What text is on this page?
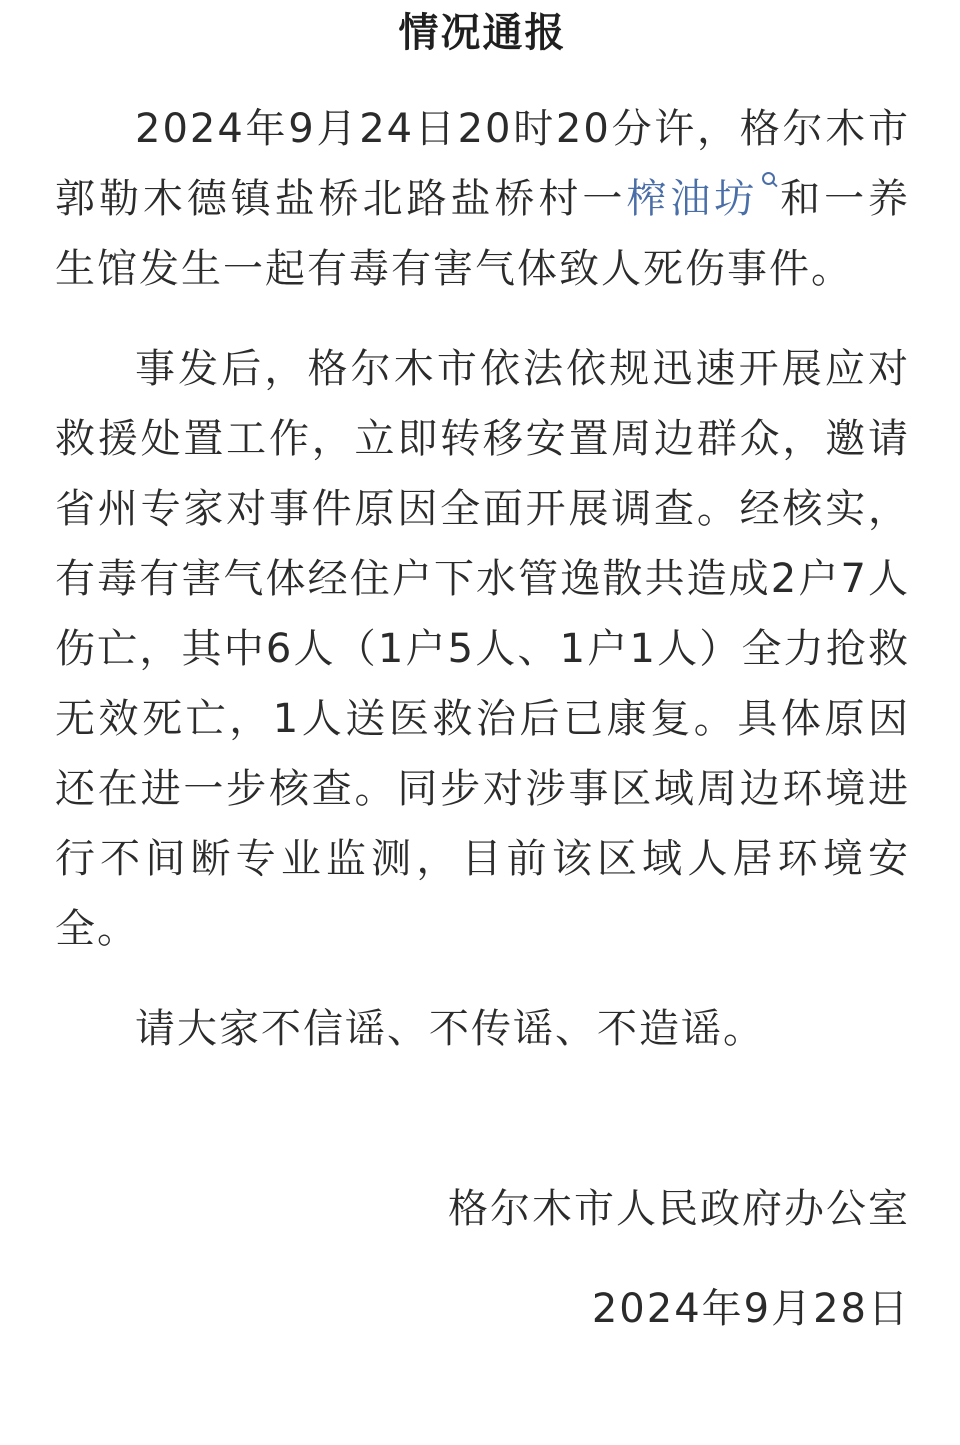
情况通报

2024年9月24日20时20分许，格尔木市郭勒木德镇盐桥北路盐桥村一榨油坊 和一养生馆发生一起有毒有害气体致人死伤事件。

事发后，格尔木市依法依规迅速开展应对救援处置工作，立即转移安置周边群众，邀请省州专家对事件原因全面开展调查。经核实，有毒有害气体经住户下水管逸散共造成2户7人伤亡，其中6人（1户5人、1户1人）全力抢救无效死亡，1人送医救治后已康复。具体原因还在进一步核查。同步对涉事区域周边环境进行不间断专业监测，目前该区域人居环境安全。

请大家不信谣、不传谣、不造谣。

格尔木市人民政府办公室

2024年9月28日
